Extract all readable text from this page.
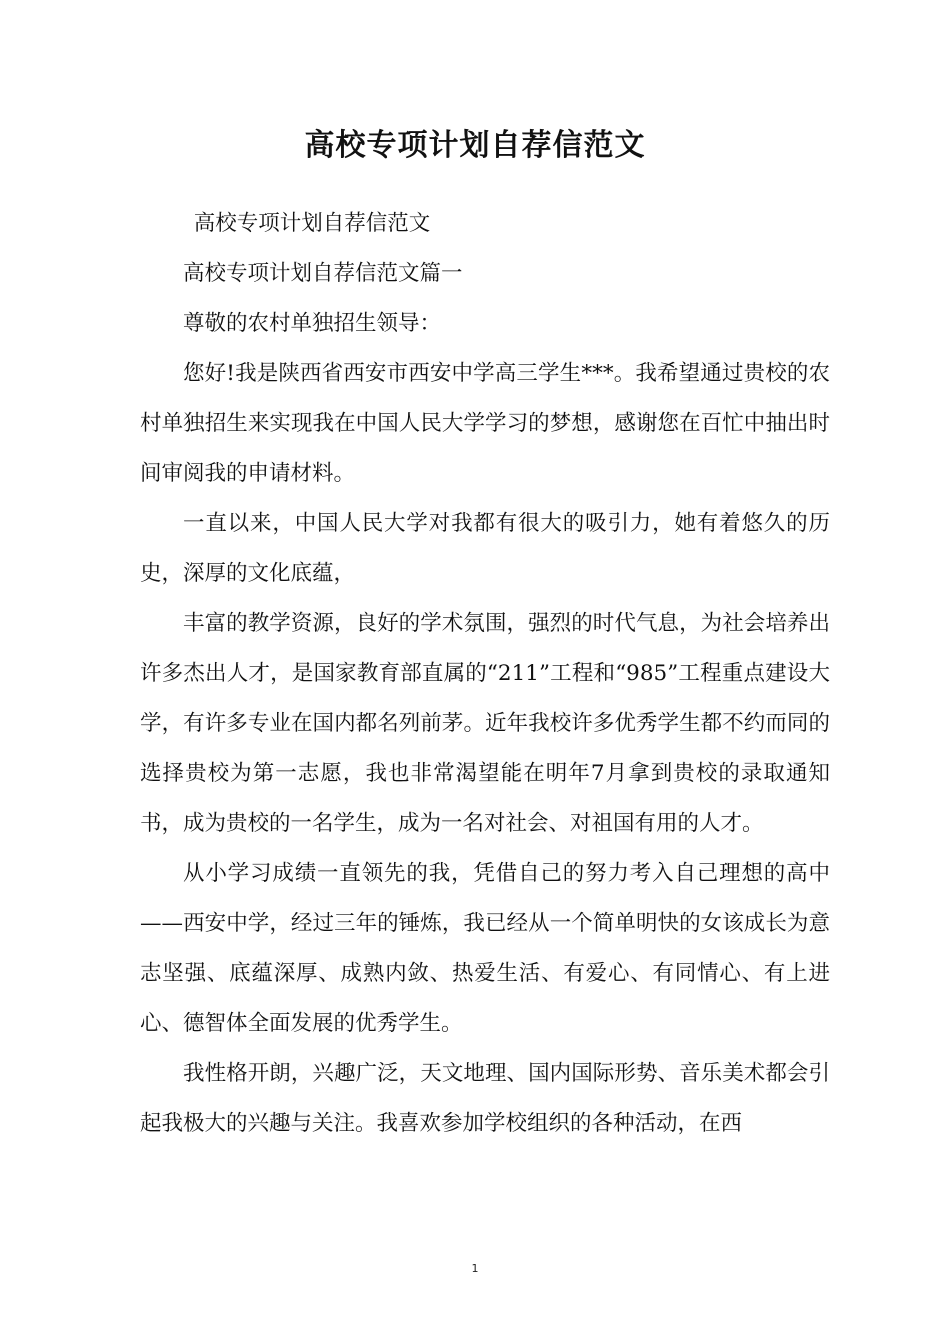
高校专项计划自荐信范文

高校专项计划自荐信范文

高校专项计划自荐信范文篇一

尊敬的农村单独招生领导：

您好!我是陕西省西安市西安中学高三学生***。我希望通过贵校的农村单独招生来实现我在中国人民大学学习的梦想，感谢您在百忙中抽出时间审阅我的申请材料。

一直以来，中国人民大学对我都有很大的吸引力，她有着悠久的历史，深厚的文化底蕴，

丰富的教学资源，良好的学术氛围，强烈的时代气息，为社会培养出许多杰出人才，是国家教育部直属的“211”工程和“985”工程重点建设大学，有许多专业在国内都名列前茅。近年我校许多优秀学生都不约而同的选择贵校为第一志愿，我也非常渴望能在明年7月拿到贵校的录取通知书，成为贵校的一名学生，成为一名对社会、对祖国有用的人才。

从小学习成绩一直领先的我，凭借自己的努力考入自己理想的高中——西安中学，经过三年的锤炼，我已经从一个简单明快的女该成长为意志坚强、底蕴深厚、成熟内敛、热爱生活、有爱心、有同情心、有上进心、德智体全面发展的优秀学生。

我性格开朗，兴趣广泛，天文地理、国内国际形势、音乐美术都会引起我极大的兴趣与关注。我喜欢参加学校组织的各种活动，在西

1
